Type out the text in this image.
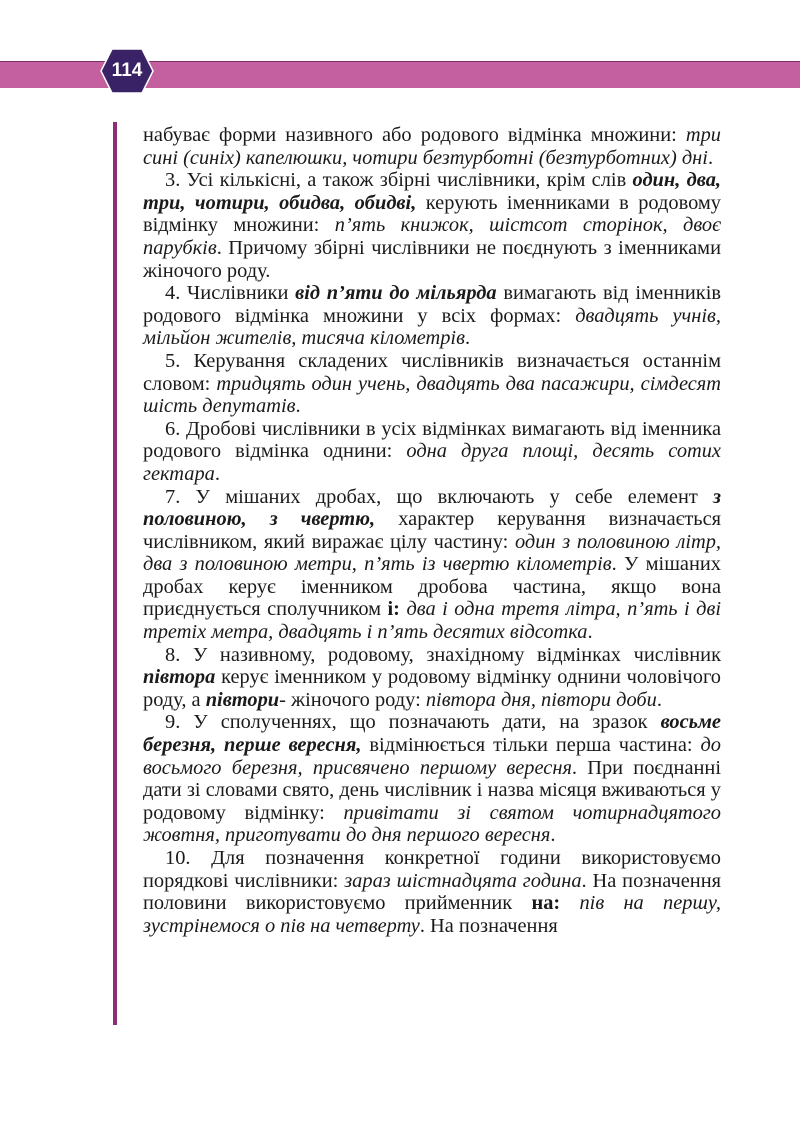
114

набуває форми називного або родового відмінка множини: три сині (синіх) капелюшки, чотири безтурботні (безтурботних) дні.

3. Усі кількісні, а також збірні числівники, крім слів один, два, три, чотири, обидва, обидві, керують іменниками в родовому відмінку множини: п’ять книжок, шістсот сторінок, двоє парубків. Причому збірні числівники не поєднують з іменниками жіночого роду.

4. Числівники від п’яти до мільярда вимагають від іменників родового відмінка множини у всіх формах: двадцять учнів, мільйон жителів, тисяча кілометрів.

5. Керування складених числівників визначається останнім словом: тридцять один учень, двадцять два пасажири, сімдесят шість депутатів.

6. Дробові числівники в усіх відмінках вимагають від іменника родового відмінка однини: одна друга площі, десять сотих гектара.

7. У мішаних дробах, що включають у себе елемент з половиною, з чвертю, характер керування визначається числівником, який виражає цілу частину: один з половиною літр, два з половиною метри, п’ять із чвертю кілометрів. У мішаних дробах керує іменником дробова частина, якщо вона приєднується сполучником і: два і одна третя літра, п’ять і дві третіх метра, двадцять і п’ять десятих відсотка.

8. У називному, родовому, знахідному відмінках числівник півтора керує іменником у родовому відмінку однини чоловічого роду, а півтори- жіночого роду: півтора дня, півтори доби.

9. У сполученнях, що позначають дати, на зразок восьме березня, перше вересня, відмінюється тільки перша частина: до восьмого березня, присвячено першому вересня. При поєднанні дати зі словами свято, день числівник і назва місяця вживаються у родовому відмінку: привітати зі святом чотирнадцятого жовтня, приготувати до дня першого вересня.

10. Для позначення конкретної години використовуємо порядкові числівники: зараз шістнадцята година. На позначення половини використовуємо прийменник на: пів на першу, зустрінемося о пів на четверту. На позначення
